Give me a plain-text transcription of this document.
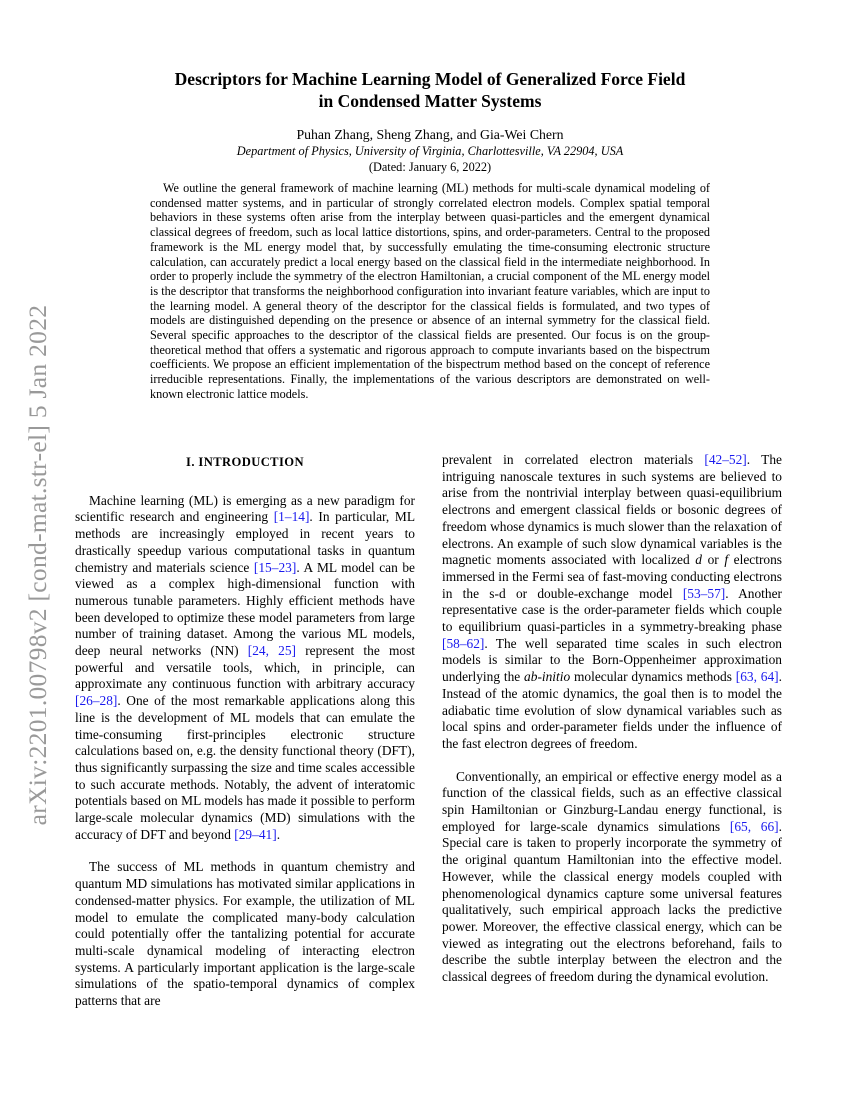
arXiv:2201.00798v2 [cond-mat.str-el] 5 Jan 2022
Descriptors for Machine Learning Model of Generalized Force Field
in Condensed Matter Systems
Puhan Zhang, Sheng Zhang, and Gia-Wei Chern
Department of Physics, University of Virginia, Charlottesville, VA 22904, USA
(Dated: January 6, 2022)
We outline the general framework of machine learning (ML) methods for multi-scale dynamical modeling of condensed matter systems, and in particular of strongly correlated electron models. Complex spatial temporal behaviors in these systems often arise from the interplay between quasi-particles and the emergent dynamical classical degrees of freedom, such as local lattice distortions, spins, and order-parameters. Central to the proposed framework is the ML energy model that, by successfully emulating the time-consuming electronic structure calculation, can accurately predict a local energy based on the classical field in the intermediate neighborhood. In order to properly include the symmetry of the electron Hamiltonian, a crucial component of the ML energy model is the descriptor that transforms the neighborhood configuration into invariant feature variables, which are input to the learning model. A general theory of the descriptor for the classical fields is formulated, and two types of models are distinguished depending on the presence or absence of an internal symmetry for the classical field. Several specific approaches to the descriptor of the classical fields are presented. Our focus is on the group-theoretical method that offers a systematic and rigorous approach to compute invariants based on the bispectrum coefficients. We propose an efficient implementation of the bispectrum method based on the concept of reference irreducible representations. Finally, the implementations of the various descriptors are demonstrated on well-known electronic lattice models.
I. INTRODUCTION

Machine learning (ML) is emerging as a new paradigm for scientific research and engineering [1–14]. In particular, ML methods are increasingly employed in recent years to drastically speedup various computational tasks in quantum chemistry and materials science [15–23]. A ML model can be viewed as a complex high-dimensional function with numerous tunable parameters. Highly efficient methods have been developed to optimize these model parameters from large number of training dataset. Among the various ML models, deep neural networks (NN) [24, 25] represent the most powerful and versatile tools, which, in principle, can approximate any continuous function with arbitrary accuracy [26–28]. One of the most remarkable applications along this line is the development of ML models that can emulate the time-consuming first-principles electronic structure calculations based on, e.g. the density functional theory (DFT), thus significantly surpassing the size and time scales accessible to such accurate methods. Notably, the advent of interatomic potentials based on ML models has made it possible to perform large-scale molecular dynamics (MD) simulations with the accuracy of DFT and beyond [29–41].

The success of ML methods in quantum chemistry and quantum MD simulations has motivated similar applications in condensed-matter physics. For example, the utilization of ML model to emulate the complicated many-body calculation could potentially offer the tantalizing potential for accurate multi-scale dynamical modeling of interacting electron systems. A particularly important application is the large-scale simulations of the spatio-temporal dynamics of complex patterns that are

prevalent in correlated electron materials [42–52]. The intriguing nanoscale textures in such systems are believed to arise from the nontrivial interplay between quasi-equilibrium electrons and emergent classical fields or bosonic degrees of freedom whose dynamics is much slower than the relaxation of electrons. An example of such slow dynamical variables is the magnetic moments associated with localized d or f electrons immersed in the Fermi sea of fast-moving conducting electrons in the s-d or double-exchange model [53–57]. Another representative case is the order-parameter fields which couple to equilibrium quasi-particles in a symmetry-breaking phase [58–62]. The well separated time scales in such electron models is similar to the Born-Oppenheimer approximation underlying the ab-initio molecular dynamics methods [63, 64]. Instead of the atomic dynamics, the goal then is to model the adiabatic time evolution of slow dynamical variables such as local spins and order-parameter fields under the influence of the fast electron degrees of freedom.

Conventionally, an empirical or effective energy model as a function of the classical fields, such as an effective classical spin Hamiltonian or Ginzburg-Landau energy functional, is employed for large-scale dynamics simulations [65, 66]. Special care is taken to properly incorporate the symmetry of the original quantum Hamiltonian into the effective model. However, while the classical energy models coupled with phenomenological dynamics capture some universal features qualitatively, such empirical approach lacks the predictive power. Moreover, the effective classical energy, which can be viewed as integrating out the electrons beforehand, fails to describe the subtle interplay between the electron and the classical degrees of freedom during the dynamical evolution.
